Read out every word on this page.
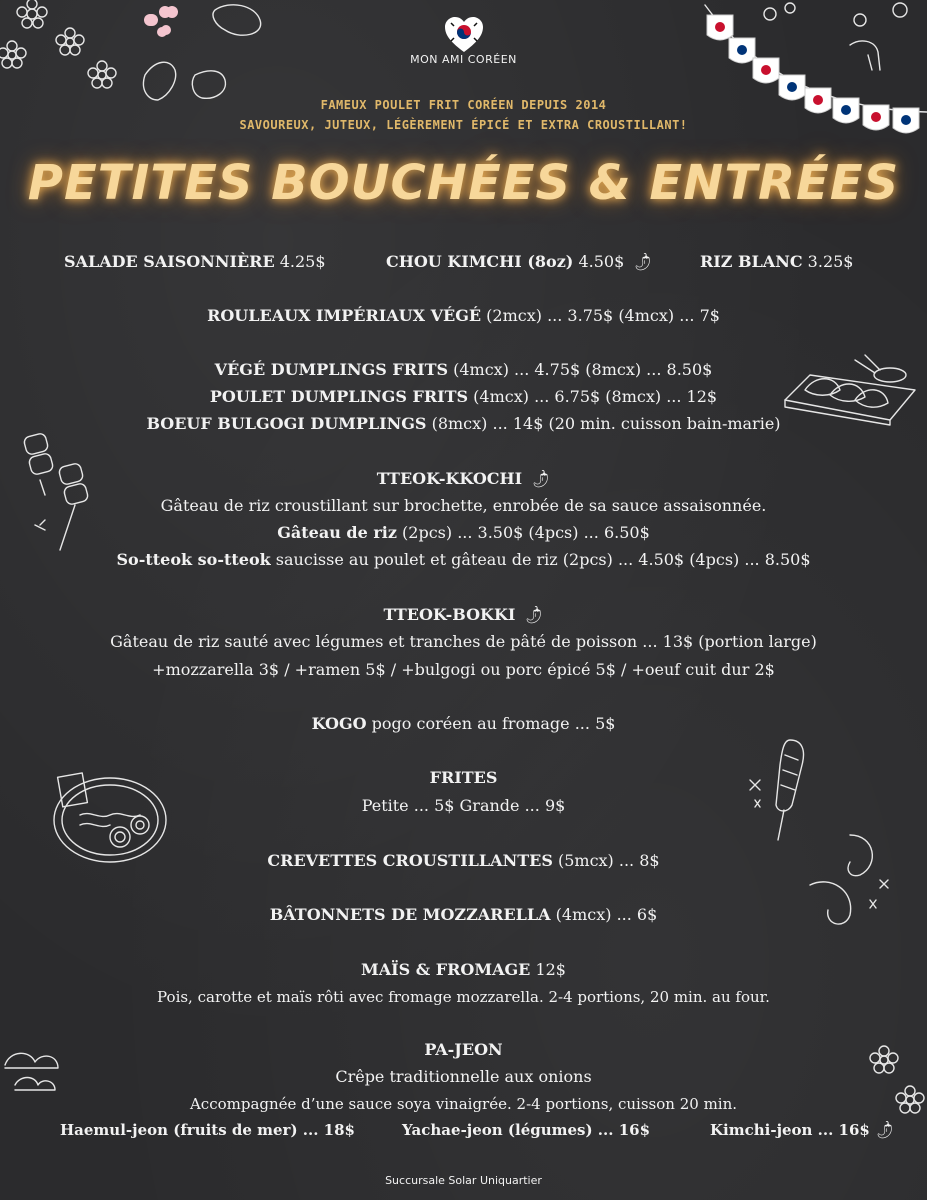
MON AMI CORÉEN
FAMEUX POULET FRIT CORÉEN DEPUIS 2014
SAVOUREUX, JUTEUX, LÉGÈREMENT ÉPICÉ ET EXTRA CROUSTILLANT!
PETITES BOUCHÉES & ENTRÉES
SALADE SAISONNIÈRE 4.25$	CHOU KIMCHI (8oz) 4.50$ 🌶	RIZ BLANC 3.25$
ROULEAUX IMPÉRIAUX VÉGÉ (2mcx) ... 3.75$ (4mcx) ... 7$
VÉGÉ DUMPLINGS FRITS (4mcx) ... 4.75$ (8mcx) ... 8.50$
POULET DUMPLINGS FRITS (4mcx) ... 6.75$ (8mcx) ... 12$
BOEUF BULGOGI DUMPLINGS (8mcx) ... 14$ (20 min. cuisson bain-marie)
TTEOK-KKOCHI 🌶
Gâteau de riz croustillant sur brochette, enrobée de sa sauce assaisonnée.
Gâteau de riz (2pcs) ... 3.50$ (4pcs) ... 6.50$
So-tteok so-tteok saucisse au poulet et gâteau de riz (2pcs) ... 4.50$ (4pcs) ... 8.50$
TTEOK-BOKKI 🌶
Gâteau de riz sauté avec légumes et tranches de pâté de poisson ... 13$ (portion large)
+mozzarella 3$ / +ramen 5$ / +bulgogi ou porc épicé 5$ / +oeuf cuit dur 2$
KOGO pogo coréen au fromage ... 5$
FRITES
Petite ... 5$ Grande ... 9$
CREVETTES CROUSTILLANTES (5mcx) ... 8$
BÂTONNETS DE MOZZARELLA (4mcx) ... 6$
MAÏS & FROMAGE 12$
Pois, carotte et maïs rôti avec fromage mozzarella. 2-4 portions, 20 min. au four.
PA-JEON
Crêpe traditionnelle aux onions
Accompagnée d’une sauce soya vinaigrée. 2-4 portions, cuisson 20 min.
Haemul-jeon (fruits de mer) ... 18$	Yachae-jeon (légumes) ... 16$	Kimchi-jeon ... 16$ 🌶
Succursale Solar Uniquartier
